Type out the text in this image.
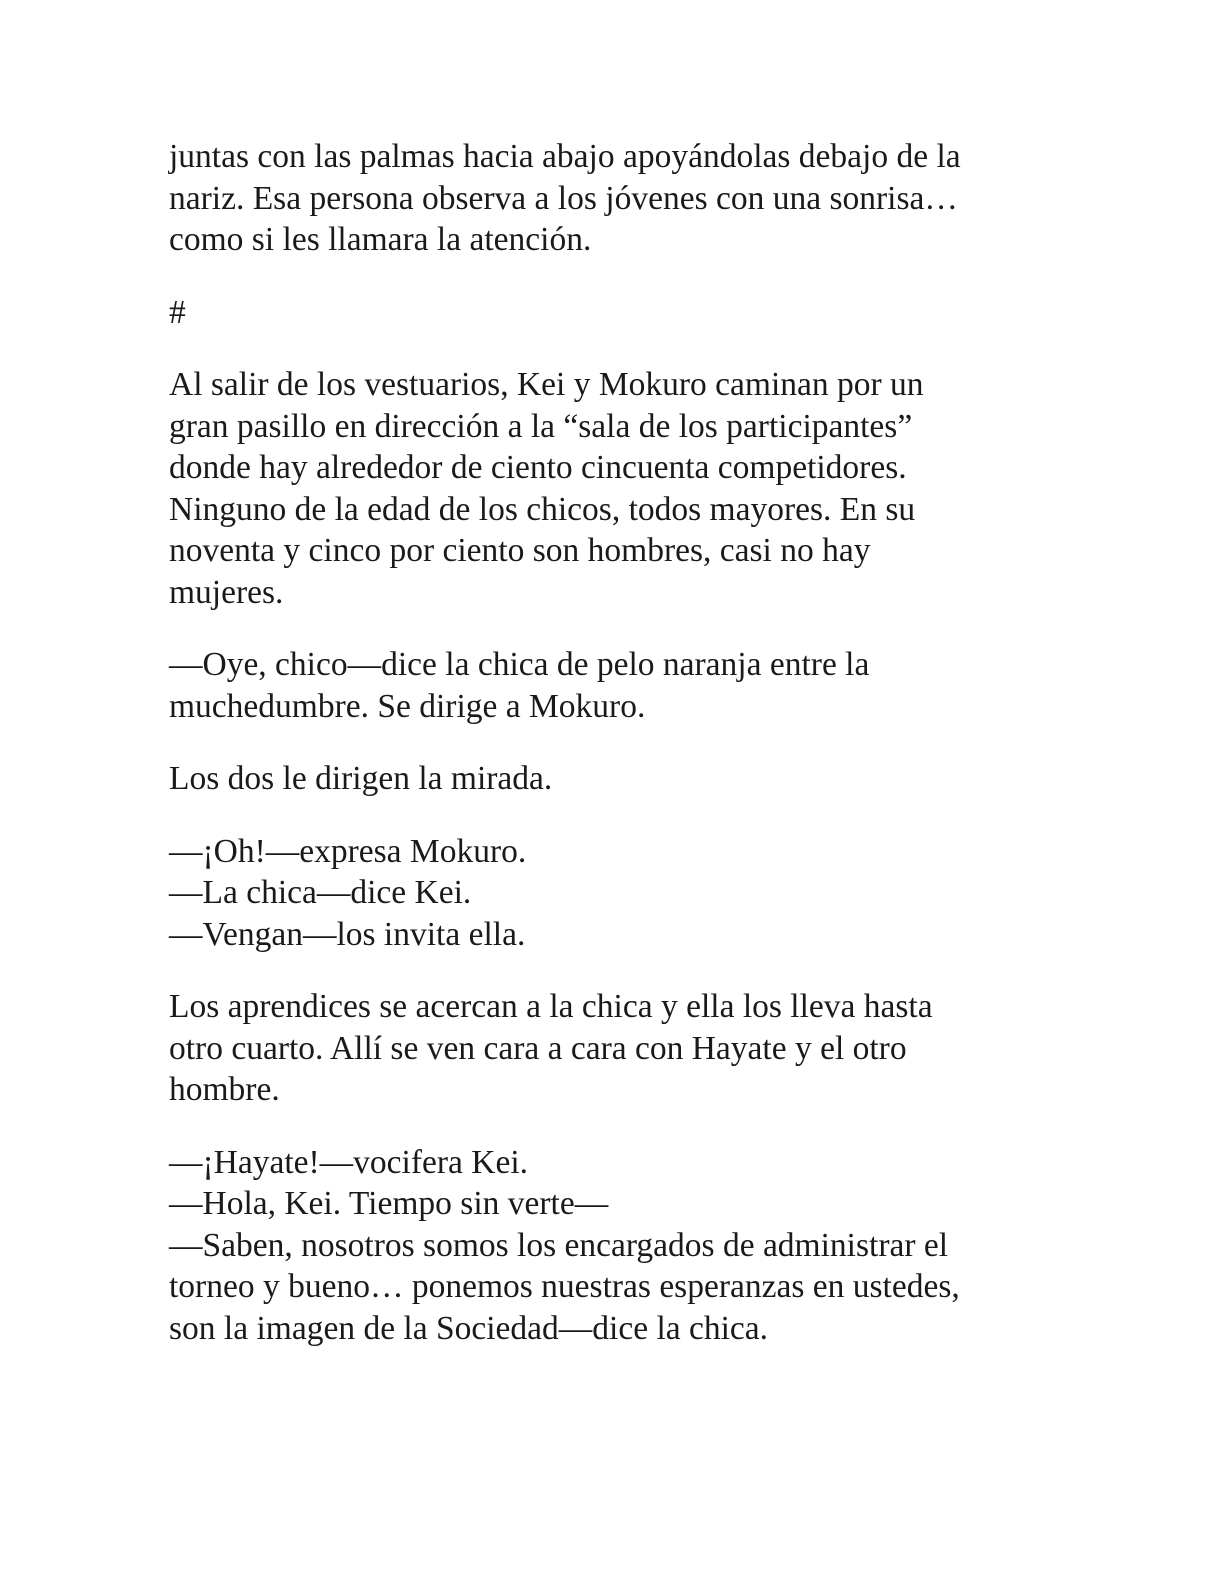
juntas con las palmas hacia abajo apoyándolas debajo de la
nariz. Esa persona observa a los jóvenes con una sonrisa…
como si les llamara la atención.

#

Al salir de los vestuarios, Kei y Mokuro caminan por un
gran pasillo en dirección a la “sala de los participantes”
donde hay alrededor de ciento cincuenta competidores.
Ninguno de la edad de los chicos, todos mayores. En su
noventa y cinco por ciento son hombres, casi no hay
mujeres.

—Oye, chico—dice la chica de pelo naranja entre la
muchedumbre. Se dirige a Mokuro.

Los dos le dirigen la mirada.

—¡Oh!—expresa Mokuro.
—La chica—dice Kei.
—Vengan—los invita ella.

Los aprendices se acercan a la chica y ella los lleva hasta
otro cuarto. Allí se ven cara a cara con Hayate y el otro
hombre.

—¡Hayate!—vocifera Kei.
—Hola, Kei. Tiempo sin verte—
—Saben, nosotros somos los encargados de administrar el
torneo y bueno… ponemos nuestras esperanzas en ustedes,
son la imagen de la Sociedad—dice la chica.
